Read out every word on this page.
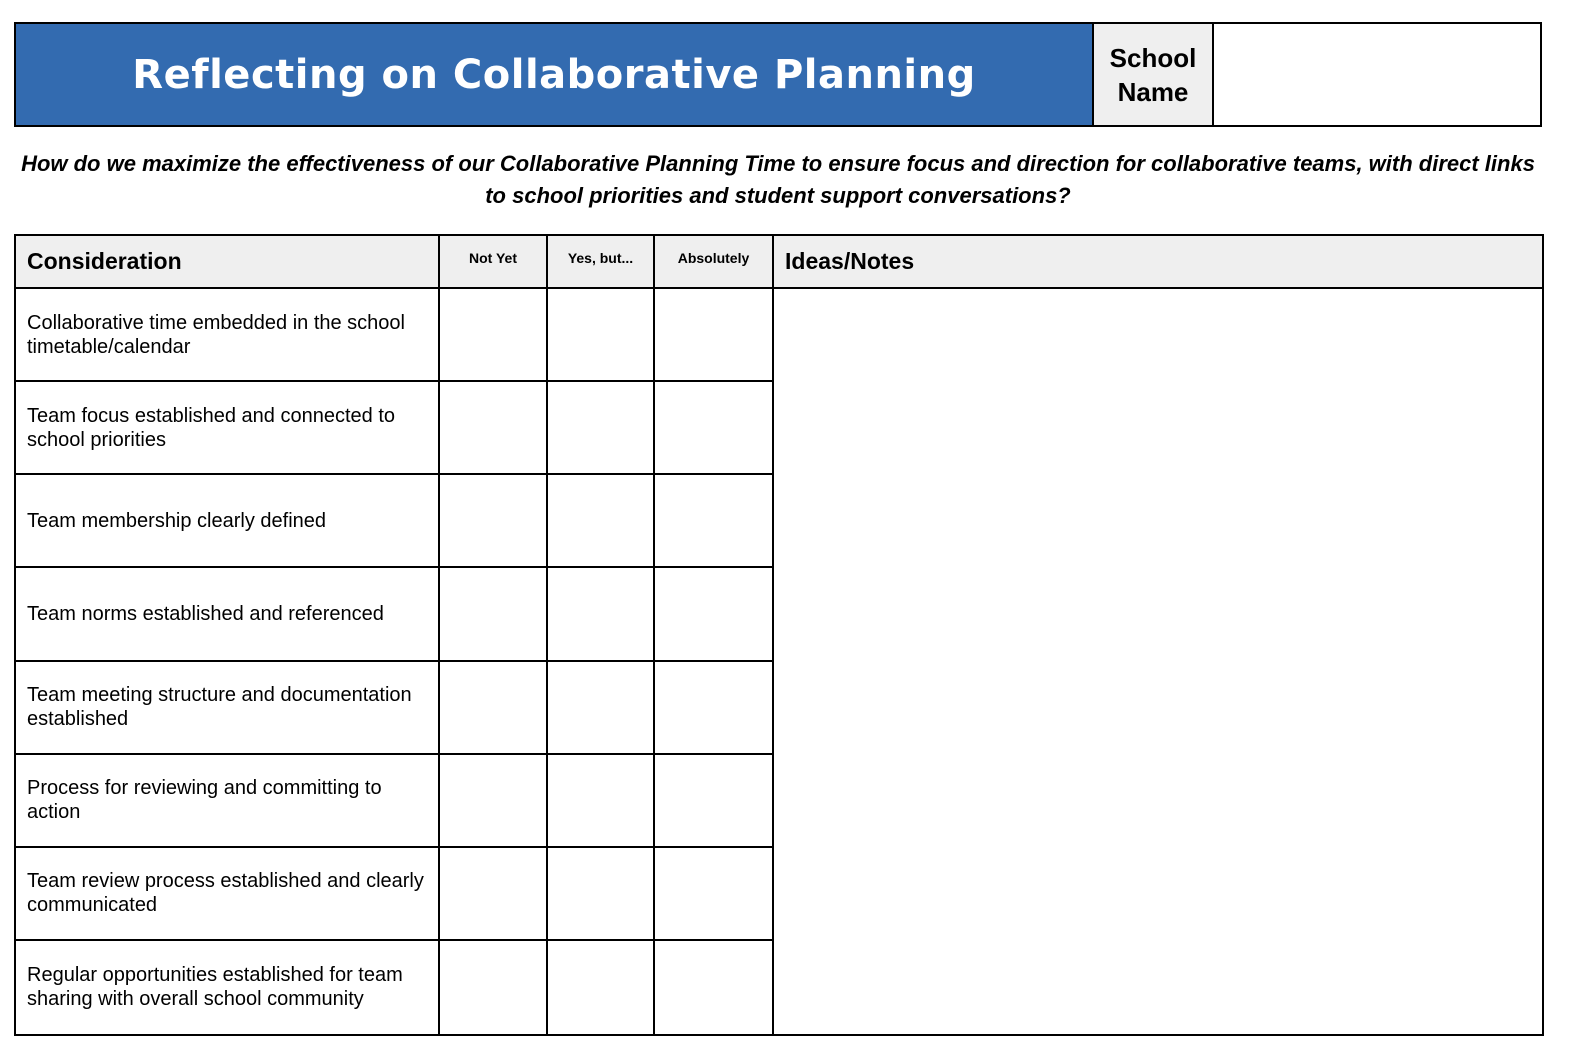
Reflecting on Collaborative Planning	School
Name
How do we maximize the effectiveness of our Collaborative Planning Time to ensure focus and direction for collaborative teams, with direct links to school priorities and student support conversations?
Consideration	Not Yet	Yes, but...	Absolutely	Ideas/Notes
Collaborative time embedded in the school timetable/calendar
Team focus established and connected to school priorities
Team membership clearly defined
Team norms established and referenced
Team meeting structure and documentation established
Process for reviewing and committing to action
Team review process established and clearly communicated
Regular opportunities established for team sharing with overall school community
